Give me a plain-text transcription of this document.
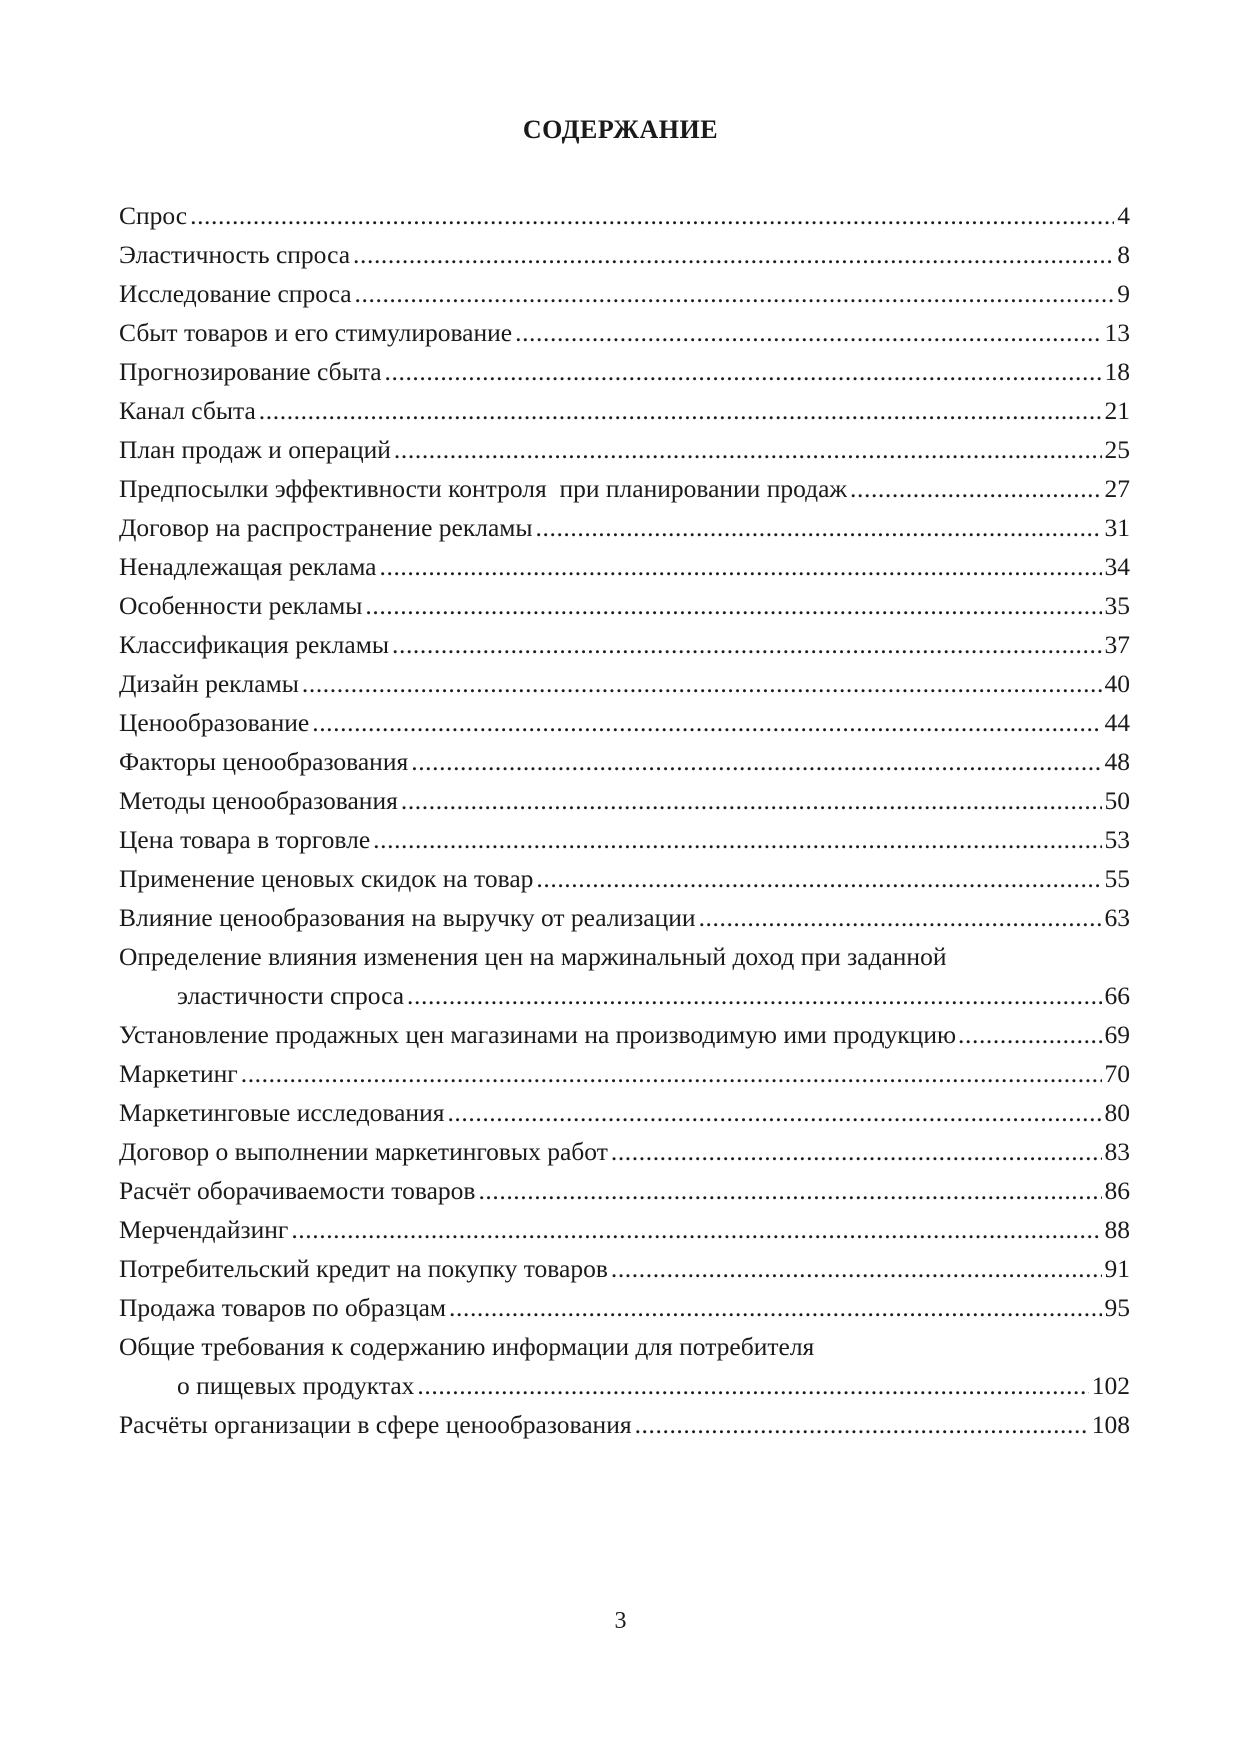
СОДЕРЖАНИЕ
Спрос .....	4
Эластичность спроса .....	8
Исследование спроса .....	9
Сбыт товаров и его стимулирование .....	13
Прогнозирование сбыта .....	18
Канал сбыта .....	21
План продаж и операций .....	25
Предпосылки эффективности контроля  при планировании продаж .....	27
Договор на распространение рекламы .....	31
Ненадлежащая реклама .....	34
Особенности рекламы .....	35
Классификация рекламы .....	37
Дизайн рекламы .....	40
Ценообразование .....	44
Факторы ценообразования .....	48
Методы ценообразования .....	50
Цена товара в торговле .....	53
Применение ценовых скидок на товар .....	55
Влияние ценообразования на выручку от реализации .....	63
Определение влияния изменения цен на маржинальный доход при заданной
эластичности спроса .....	66
Установление продажных цен магазинами на производимую ими продукцию .....	69
Маркетинг .....	70
Маркетинговые исследования .....	80
Договор о выполнении маркетинговых работ .....	83
Расчёт оборачиваемости товаров .....	86
Мерчендайзинг .....	88
Потребительский кредит на покупку товаров .....	91
Продажа товаров по образцам .....	95
Общие требования к содержанию информации для потребителя
о пищевых продуктах .....	102
Расчёты организации в сфере ценообразования .....	108
3
